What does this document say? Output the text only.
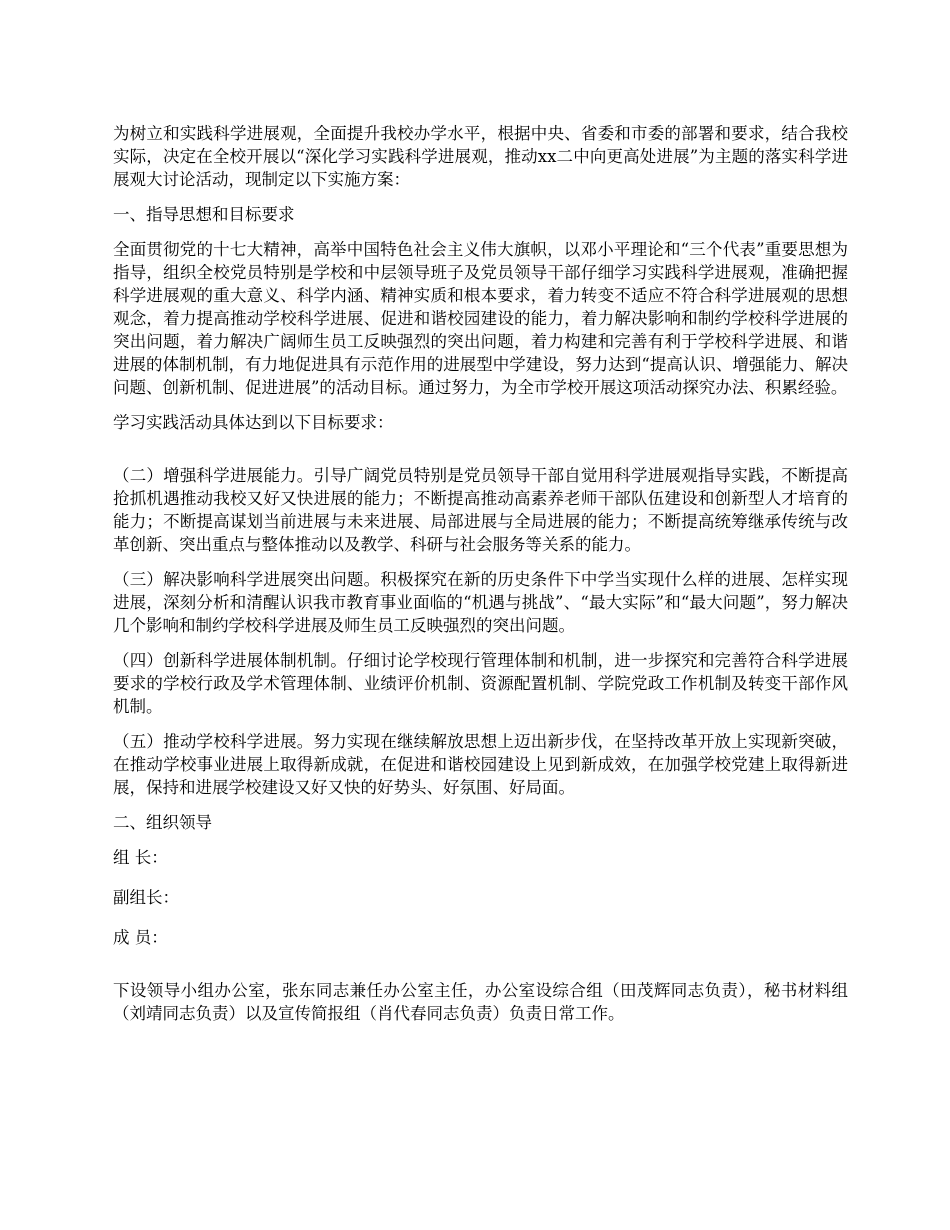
为树立和实践科学进展观，全面提升我校办学水平，根据中央、省委和市委的部署和要求，结合我校实际，决定在全校开展以“深化学习实践科学进展观，推动xx二中向更高处进展”为主题的落实科学进展观大讨论活动，现制定以下实施方案：

一、指导思想和目标要求

全面贯彻党的十七大精神，高举中国特色社会主义伟大旗帜，以邓小平理论和“三个代表”重要思想为指导，组织全校党员特别是学校和中层领导班子及党员领导干部仔细学习实践科学进展观，准确把握科学进展观的重大意义、科学内涵、精神实质和根本要求，着力转变不适应不符合科学进展观的思想观念，着力提高推动学校科学进展、促进和谐校园建设的能力，着力解决影响和制约学校科学进展的突出问题，着力解决广阔师生员工反映强烈的突出问题，着力构建和完善有利于学校科学进展、和谐进展的体制机制，有力地促进具有示范作用的进展型中学建设，努力达到“提高认识、增强能力、解决问题、创新机制、促进进展”的活动目标。通过努力，为全市学校开展这项活动探究办法、积累经验。

学习实践活动具体达到以下目标要求：

（二）增强科学进展能力。引导广阔党员特别是党员领导干部自觉用科学进展观指导实践，不断提高抢抓机遇推动我校又好又快进展的能力；不断提高推动高素养老师干部队伍建设和创新型人才培育的能力；不断提高谋划当前进展与未来进展、局部进展与全局进展的能力；不断提高统筹继承传统与改革创新、突出重点与整体推动以及教学、科研与社会服务等关系的能力。

（三）解决影响科学进展突出问题。积极探究在新的历史条件下中学当实现什么样的进展、怎样实现进展，深刻分析和清醒认识我市教育事业面临的“机遇与挑战”、“最大实际”和“最大问题”，努力解决几个影响和制约学校科学进展及师生员工反映强烈的突出问题。

（四）创新科学进展体制机制。仔细讨论学校现行管理体制和机制，进一步探究和完善符合科学进展要求的学校行政及学术管理体制、业绩评价机制、资源配置机制、学院党政工作机制及转变干部作风机制。

（五）推动学校科学进展。努力实现在继续解放思想上迈出新步伐，在坚持改革开放上实现新突破，在推动学校事业进展上取得新成就，在促进和谐校园建设上见到新成效，在加强学校党建上取得新进展，保持和进展学校建设又好又快的好势头、好氛围、好局面。

二、组织领导

组 长：

副组长：

成 员：

下设领导小组办公室，张东同志兼任办公室主任，办公室设综合组（田茂辉同志负责），秘书材料组（刘靖同志负责）以及宣传简报组（肖代春同志负责）负责日常工作。
